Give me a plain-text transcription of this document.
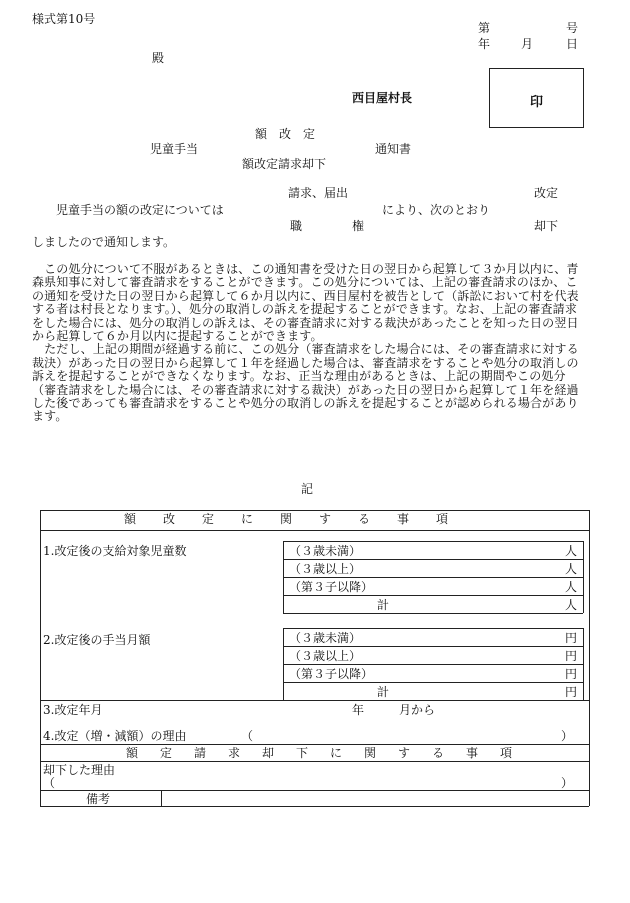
様式第10号
第	号
年	月	日
殿
西目屋村長	印
額　改　定
児童手当	通知書
額改定請求却下
請求、届出	改定
児童手当の額の改定については	により、次のとおり
職	権	却下
しましたので通知します。

　この処分について不服があるときは、この通知書を受けた日の翌日から起算して３か月以内に、青森県知事に対して審査請求をすることができます。この処分については、上記の審査請求のほか、この通知を受けた日の翌日から起算して６か月以内に、西目屋村を被告として（訴訟において村を代表する者は村長となります。）、処分の取消しの訴えを提起することができます。なお、上記の審査請求をした場合には、処分の取消しの訴えは、その審査請求に対する裁決があったことを知った日の翌日から起算して６か月以内に提起することができます。

　ただし、上記の期間が経過する前に、この処分（審査請求をした場合には、その審査請求に対する裁決）があった日の翌日から起算して１年を経過した場合は、審査請求をすることや処分の取消しの訴えを提起することができなくなります。なお、正当な理由があるときは、上記の期間やこの処分（審査請求をした場合には、その審査請求に対する裁決）があった日の翌日から起算して１年を経過した後であっても審査請求をすることや処分の取消しの訴えを提起することが認められる場合があります。

記
額改定に関する事項
1.改定後の支給対象児童数	（３歳未満）	人
（３歳以上）	人
（第３子以降）	人
計	人
2.改定後の手当月額	（３歳未満）	円
（３歳以上）	円
（第３子以降）	円
計	円
3.改定年月	年	月から
4.改定（増・減額）の理由	（	）
額定請求却下に関する事項
却下した理由
（	）
備考
